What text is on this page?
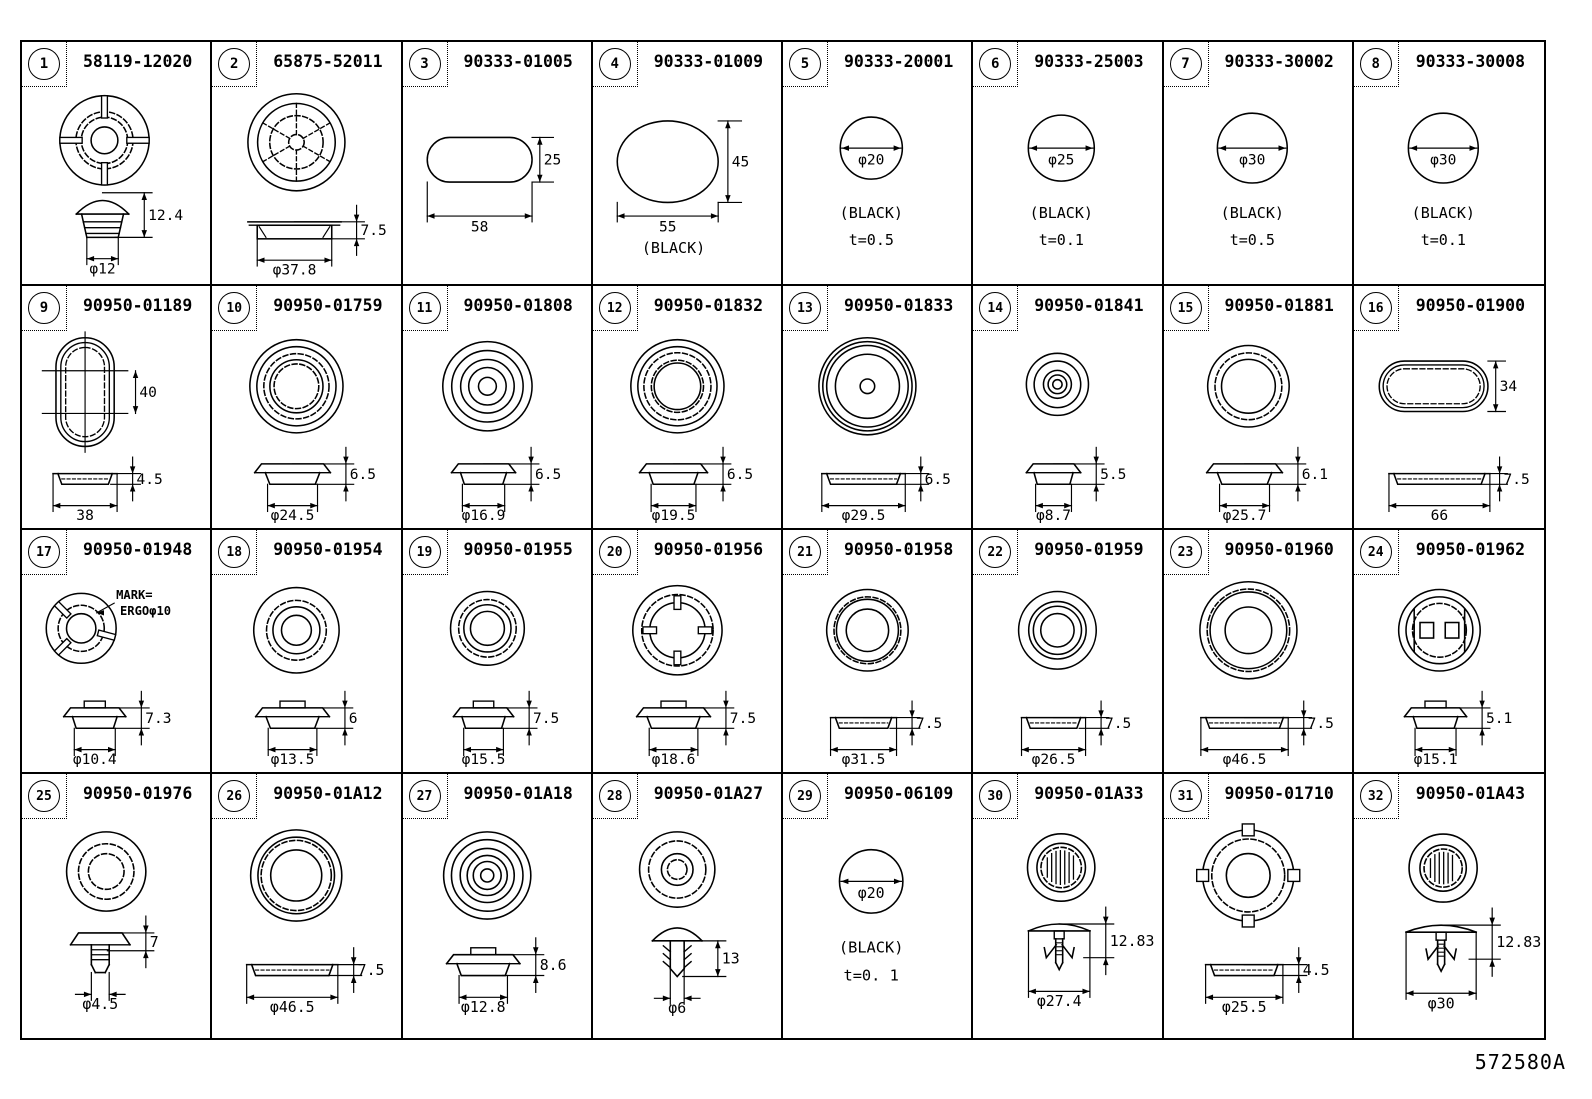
1	58119-12020
12.4
φ12
2	65875-52011
7.5
φ37.8
3	90333-01005
25
58
4	90333-01009
45
55
(BLACK)
5	90333-20001
φ20
(BLACK)
t=0.5
6	90333-25003
φ25
(BLACK)
t=0.1
7	90333-30002
φ30
(BLACK)
t=0.5
8	90333-30008
φ30
(BLACK)
t=0.1
9	90950-01189
40
4.5
38
10	90950-01759
6.5
φ24.5
11	90950-01808
6.5
φ16.9
12	90950-01832
6.5
φ19.5
13	90950-01833
6.5
φ29.5
14	90950-01841
5.5
φ8.7
15	90950-01881
6.1
φ25.7
16	90950-01900
34
7.5
66
17	90950-01948
MARK=
ERGOφ10
7.3
φ10.4
18	90950-01954
6
φ13.5
19	90950-01955
7.5
φ15.5
20	90950-01956
7.5
φ18.6
21	90950-01958
7.5
φ31.5
22	90950-01959
7.5
φ26.5
23	90950-01960
7.5
φ46.5
24	90950-01962
5.1
φ15.1
25	90950-01976
7
φ4.5
26	90950-01A12
7.5
φ46.5
27	90950-01A18
8.6
φ12.8
28	90950-01A27
13
φ6
29	90950-06109
φ20
(BLACK)
t=0. 1
30	90950-01A33
12.83
φ27.4
31	90950-01710
4.5
φ25.5
32	90950-01A43
12.83
φ30
572580A
